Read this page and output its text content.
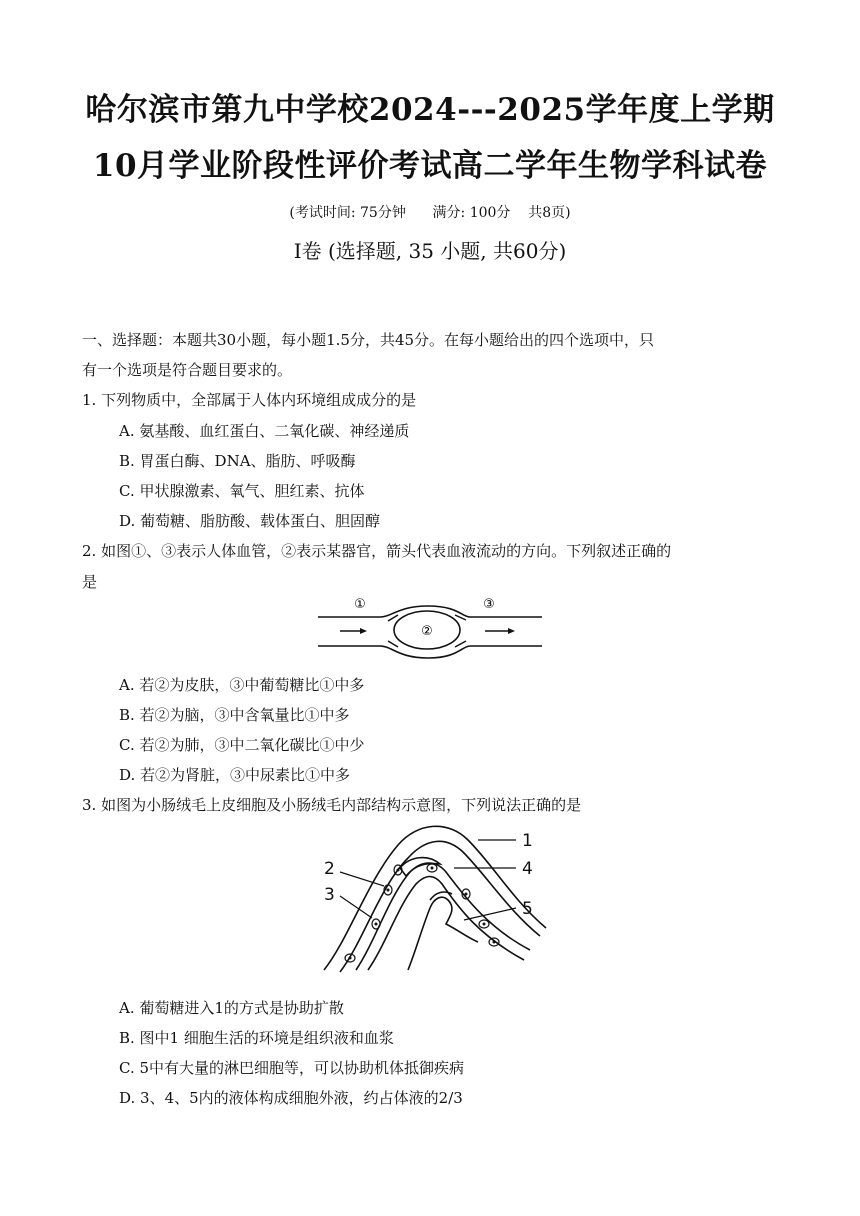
哈尔滨市第九中学校2024---2025学年度上学期
10月学业阶段性评价考试高二学年生物学科试卷
(考试时间: 75分钟      满分: 100分    共8页)
Ⅰ卷 (选择题, 35 小题, 共60分)
一、选择题：本题共30小题，每小题1.5分，共45分。在每小题给出的四个选项中，只
有一个选项是符合题目要求的。
1. 下列物质中，全部属于人体内环境组成成分的是
A. 氨基酸、血红蛋白、二氧化碳、神经递质
B. 胃蛋白酶、DNA、脂肪、呼吸酶
C. 甲状腺激素、氧气、胆红素、抗体
D. 葡萄糖、脂肪酸、载体蛋白、胆固醇
2. 如图①、③表示人体血管，②表示某器官，箭头代表血液流动的方向。下列叙述正确的
是
①
②
③
A. 若②为皮肤，③中葡萄糖比①中多
B. 若②为脑，③中含氧量比①中多
C. 若②为肺，③中二氧化碳比①中少
D. 若②为肾脏，③中尿素比①中多
3. 如图为小肠绒毛上皮细胞及小肠绒毛内部结构示意图，下列说法正确的是
1
2
3
4
5
A. 葡萄糖进入1的方式是协助扩散
B. 图中1 细胞生活的环境是组织液和血浆
C. 5中有大量的淋巴细胞等，可以协助机体抵御疾病
D. 3、4、5内的液体构成细胞外液，约占体液的2/3
